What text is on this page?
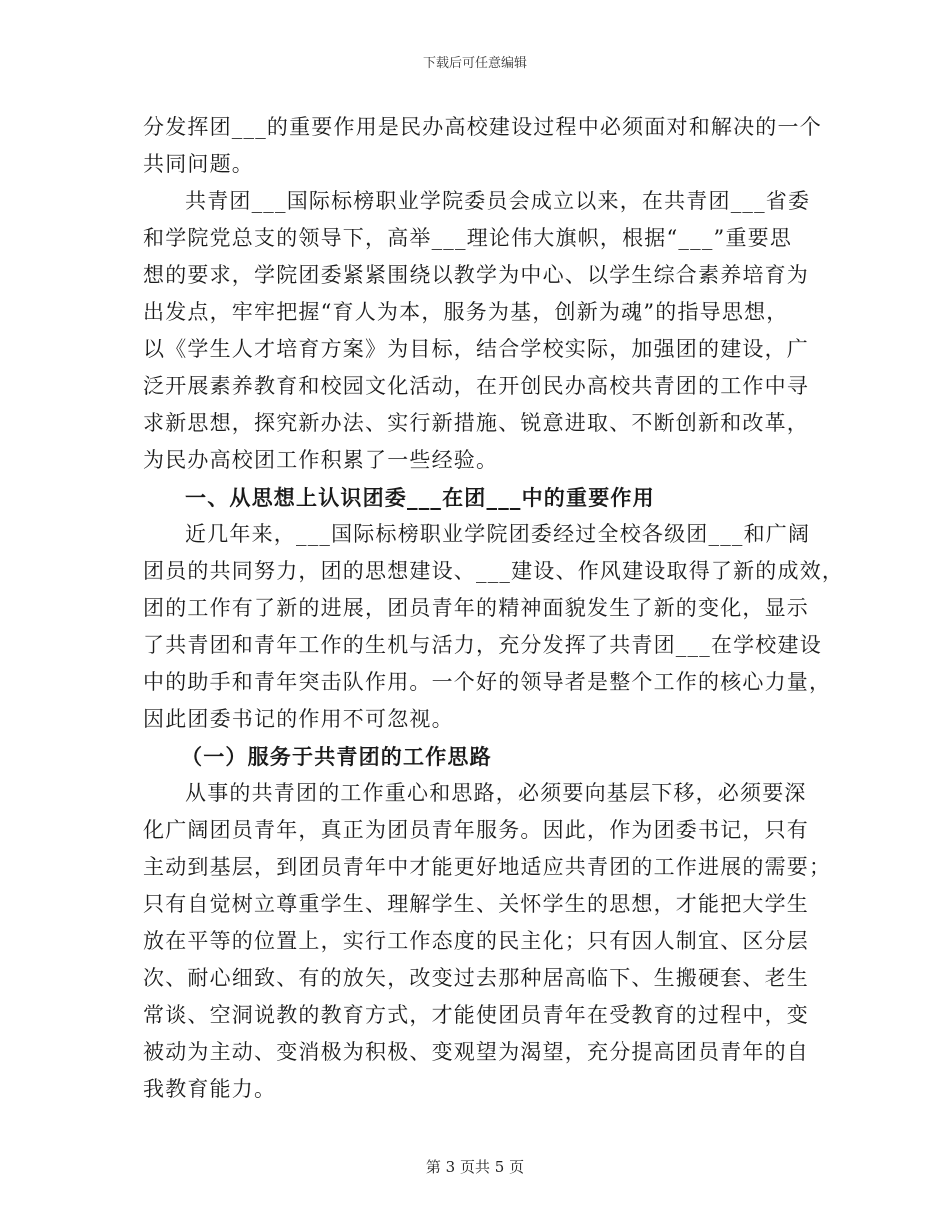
下载后可任意编辑
分发挥团___的重要作用是民办高校建设过程中必须面对和解决的一个
共同问题。
共青团___国际标榜职业学院委员会成立以来，在共青团___省委
和学院党总支的领导下，高举___理论伟大旗帜，根据“___”重要思
想的要求，学院团委紧紧围绕以教学为中心、以学生综合素养培育为
出发点，牢牢把握“育人为本，服务为基，创新为魂”的指导思想，
以《学生人才培育方案》为目标，结合学校实际，加强团的建设，广
泛开展素养教育和校园文化活动，在开创民办高校共青团的工作中寻
求新思想，探究新办法、实行新措施、锐意进取、不断创新和改革，
为民办高校团工作积累了一些经验。
一、从思想上认识团委___在团___中的重要作用
近几年来，___国际标榜职业学院团委经过全校各级团___和广阔
团员的共同努力，团的思想建设、___建设、作风建设取得了新的成效，
团的工作有了新的进展，团员青年的精神面貌发生了新的变化，显示
了共青团和青年工作的生机与活力，充分发挥了共青团___在学校建设
中的助手和青年突击队作用。一个好的领导者是整个工作的核心力量，
因此团委书记的作用不可忽视。
（一）服务于共青团的工作思路
从事的共青团的工作重心和思路，必须要向基层下移，必须要深
化广阔团员青年，真正为团员青年服务。因此，作为团委书记，只有
主动到基层，到团员青年中才能更好地适应共青团的工作进展的需要；
只有自觉树立尊重学生、理解学生、关怀学生的思想，才能把大学生
放在平等的位置上，实行工作态度的民主化；只有因人制宜、区分层
次、耐心细致、有的放矢，改变过去那种居高临下、生搬硬套、老生
常谈、空洞说教的教育方式，才能使团员青年在受教育的过程中，变
被动为主动、变消极为积极、变观望为渴望，充分提高团员青年的自
我教育能力。
第 3 页共 5 页
